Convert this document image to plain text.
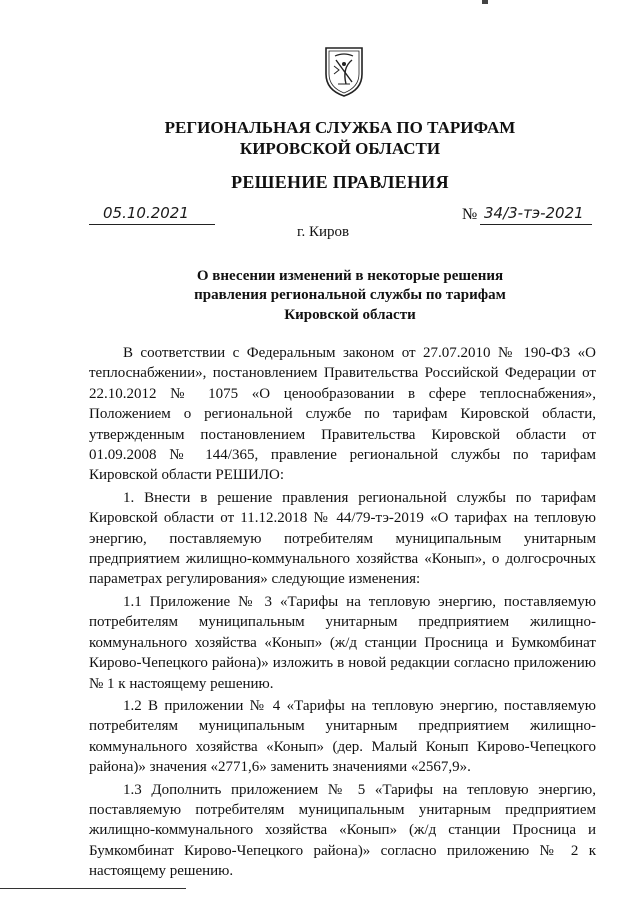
РЕГИОНАЛЬНАЯ СЛУЖБА ПО ТАРИФАМ
КИРОВСКОЙ ОБЛАСТИ
РЕШЕНИЕ ПРАВЛЕНИЯ
05.10.2021	№ 34/3-тэ-2021
г. Киров
О внесении изменений в некоторые решения
правления региональной службы по тарифам
Кировской области

В соответствии с Федеральным законом от 27.07.2010 № 190-ФЗ «О теплоснабжении», постановлением Правительства Российской Федерации от 22.10.2012 № 1075 «О ценообразовании в сфере теплоснабжения», Положением о региональной службе по тарифам Кировской области, утвержденным постановлением Правительства Кировской области от 01.09.2008 № 144/365, правление региональной службы по тарифам Кировской области РЕШИЛО:

1. Внести в решение правления региональной службы по тарифам Кировской области от 11.12.2018 № 44/79-тэ-2019 «О тарифах на тепловую энергию, поставляемую потребителям муниципальным унитарным предприятием жилищно-коммунального хозяйства «Конып», о долгосрочных параметрах регулирования» следующие изменения:

1.1 Приложение № 3 «Тарифы на тепловую энергию, поставляемую потребителям муниципальным унитарным предприятием жилищно-коммунального хозяйства «Конып» (ж/д станции Просница и Бумкомбинат Кирово-Чепецкого района)» изложить в новой редакции согласно приложению № 1 к настоящему решению.

1.2 В приложении № 4 «Тарифы на тепловую энергию, поставляемую потребителям муниципальным унитарным предприятием жилищно-коммунального хозяйства «Конып» (дер. Малый Конып Кирово-Чепецкого района)» значения «2771,6» заменить значениями «2567,9».

1.3 Дополнить приложением № 5 «Тарифы на тепловую энергию, поставляемую потребителям муниципальным унитарным предприятием жилищно-коммунального хозяйства «Конып» (ж/д станции Просница и Бумкомбинат Кирово-Чепецкого района)» согласно приложению № 2 к настоящему решению.
